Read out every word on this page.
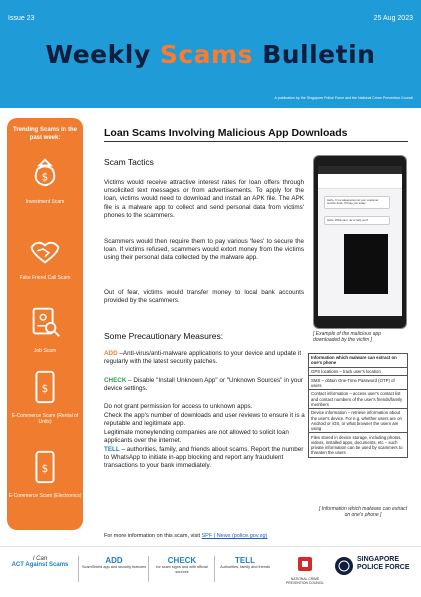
Issue 23	25 Aug 2023
Weekly Scams Bulletin
A publication by the Singapore Police Force and the National Crime Prevention Council
Trending Scams in the past week:
$
Investment Scam
Fake Friend Call Scam
Job Scam
$
E-Commerce Scam (Rental of Units)
$
E-Commerce Scam (Electronics)
Loan Scams Involving Malicious App Downloads
Scam Tactics
Victims would receive attractive interest rates for loan offers through unsolicited text messages or from advertisements. To apply for the loan, victims would need to download and install an APK file. The APK file is a malware app to collect and send personal data from victims' phones to the scammers.
Scammers would then require them to pay various 'fees' to secure the loan. If victims refused, scammers would extort money from the victims using their personal data collected by the malware app.
Out of fear, victims would transfer money to local bank accounts provided by the scammers.
Hello, I'm a salesperson at your customer service desk. I'll help you today.
Hello, What can I do to help you?
[ Example of the malicious app downloaded by the victim ]
Some Precautionary Measures:
ADD –Anti-virus/anti-malware applications to your device and update it regularly with the latest security patches.
CHECK – Disable "Install Unknown App" or "Unknown Sources" in your device settings.
Do not grant permission for access to unknown apps.
Check the app's number of downloads and user reviews to ensure it is a reputable and legitimate app.
Legitimate moneylending companies are not allowed to solicit loan applicants over the internet.
TELL – authorities, family, and friends about scams. Report the number to WhatsApp to initiate in-app blocking and report any fraudulent transactions to your bank immediately.
Information which malware can extract on one's phone
GPS locations – track user's location
SMS – obtain One-Time Password (OTP) of users
Contact information – access user's contact list and contact numbers of the user's friends/family members
Device information – retrieve information about the user's device. For e.g. whether users are on Android or iOS, or what browser the users are using
Files stored in device storage, including photos, videos, installed apps, documents, etc – such private information can be used by scammers to threaten the users
[ Information which malware can extract on one's phone ]
For more information on this scam, visit SPF | News (police.gov.sg)
I Can
ACT Against Scams	ADD
ScamShield app and security features
CHECK
for scam signs and with official sources
TELL
Authorities, family and friends
NATIONAL CRIME PREVENTION COUNCIL
SINGAPORE
POLICE FORCE
